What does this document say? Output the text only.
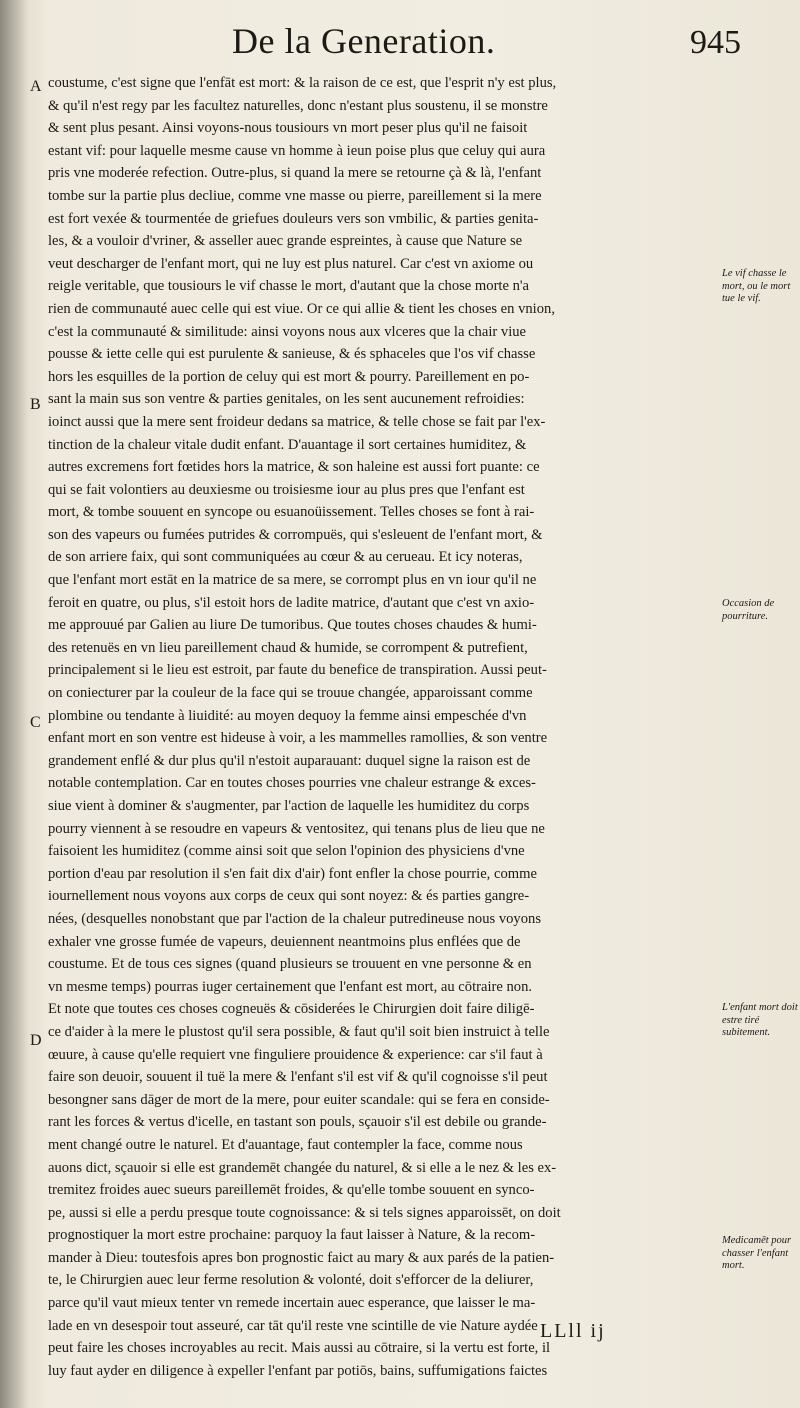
De la Generation.	945
A
B
C
D
coustume, c'est signe que l'enfāt est mort: & la raison de ce est, que l'esprit n'y est plus,
& qu'il n'est regy par les facultez naturelles, donc n'estant plus soustenu, il se monstre
& sent plus pesant. Ainsi voyons-nous tousiours vn mort peser plus qu'il ne faisoit
estant vif: pour laquelle mesme cause vn homme à ieun poise plus que celuy qui aura
pris vne moderée refection. Outre-plus, si quand la mere se retourne çà & là, l'enfant
tombe sur la partie plus decliue, comme vne masse ou pierre, pareillement si la mere
est fort vexée & tourmentée de griefues douleurs vers son vmbilic, & parties genita-
les, & a vouloir d'vriner, & asseller auec grande espreintes, à cause que Nature se
veut descharger de l'enfant mort, qui ne luy est plus naturel. Car c'est vn axiome ou
reigle veritable, que tousiours le vif chasse le mort, d'autant que la chose morte n'a
rien de communauté auec celle qui est viue. Or ce qui allie & tient les choses en vnion,
c'est la communauté & similitude: ainsi voyons nous aux vlceres que la chair viue
pousse & iette celle qui est purulente & sanieuse, & és sphaceles que l'os vif chasse
hors les esquilles de la portion de celuy qui est mort & pourry. Pareillement en po-
sant la main sus son ventre & parties genitales, on les sent aucunement refroidies:
ioinct aussi que la mere sent froideur dedans sa matrice, & telle chose se fait par l'ex-
tinction de la chaleur vitale dudit enfant. D'auantage il sort certaines humiditez, &
autres excremens fort fœtides hors la matrice, & son haleine est aussi fort puante: ce
qui se fait volontiers au deuxiesme ou troisiesme iour au plus pres que l'enfant est
mort, & tombe souuent en syncope ou esuanoüissement. Telles choses se font à rai-
son des vapeurs ou fumées putrides & corrompuës, qui s'esleuent de l'enfant mort, &
de son arriere faix, qui sont communiquées au cœur & au cerueau. Et icy noteras,
que l'enfant mort estāt en la matrice de sa mere, se corrompt plus en vn iour qu'il ne
feroit en quatre, ou plus, s'il estoit hors de ladite matrice, d'autant que c'est vn axio-
me approuué par Galien au liure De tumoribus. Que toutes choses chaudes & humi-
des retenuës en vn lieu pareillement chaud & humide, se corrompent & putrefient,
principalement si le lieu est estroit, par faute du benefice de transpiration. Aussi peut-
on coniecturer par la couleur de la face qui se trouue changée, apparoissant comme
plombine ou tendante à liuidité: au moyen dequoy la femme ainsi empeschée d'vn
enfant mort en son ventre est hideuse à voir, a les mammelles ramollies, & son ventre
grandement enflé & dur plus qu'il n'estoit auparauant: duquel signe la raison est de
notable contemplation. Car en toutes choses pourries vne chaleur estrange & exces-
siue vient à dominer & s'augmenter, par l'action de laquelle les humiditez du corps
pourry viennent à se resoudre en vapeurs & ventositez, qui tenans plus de lieu que ne
faisoient les humiditez (comme ainsi soit que selon l'opinion des physiciens d'vne
portion d'eau par resolution il s'en fait dix d'air) font enfler la chose pourrie, comme
iournellement nous voyons aux corps de ceux qui sont noyez: & és parties gangre-
nées, (desquelles nonobstant que par l'action de la chaleur putredineuse nous voyons
exhaler vne grosse fumée de vapeurs, deuiennent neantmoins plus enflées que de
coustume. Et de tous ces signes (quand plusieurs se trouuent en vne personne & en
vn mesme temps) pourras iuger certainement que l'enfant est mort, au cōtraire non.
Et note que toutes ces choses cogneuës & cōsiderées le Chirurgien doit faire diligē-
ce d'aider à la mere le plustost qu'il sera possible, & faut qu'il soit bien instruict à telle
œuure, à cause qu'elle requiert vne finguliere prouidence & experience: car s'il faut à
faire son deuoir, souuent il tuë la mere & l'enfant s'il est vif & qu'il cognoisse s'il peut
besongner sans dāger de mort de la mere, pour euiter scandale: qui se fera en conside-
rant les forces & vertus d'icelle, en tastant son pouls, sçauoir s'il est debile ou grande-
ment changé outre le naturel. Et d'auantage, faut contempler la face, comme nous
auons dict, sçauoir si elle est grandemēt changée du naturel, & si elle a le nez & les ex-
tremitez froides auec sueurs pareillemēt froides, & qu'elle tombe souuent en synco-
pe, aussi si elle a perdu presque toute cognoissance: & si tels signes apparoissēt, on doit
prognostiquer la mort estre prochaine: parquoy la faut laisser à Nature, & la recom-
mander à Dieu: toutesfois apres bon prognostic faict au mary & aux parés de la patien-
te, le Chirurgien auec leur ferme resolution & volonté, doit s'efforcer de la deliurer,
parce qu'il vaut mieux tenter vn remede incertain auec esperance, que laisser le ma-
lade en vn desespoir tout asseuré, car tāt qu'il reste vne scintille de vie Nature aydée
peut faire les choses incroyables au recit. Mais aussi au cōtraire, si la vertu est forte, il
luy faut ayder en diligence à expeller l'enfant par potiōs, bains, suffumigations faictes
Le vif chasse le mort, ou le mort tue le vif.
Occasion de pourriture.
L'enfant mort doit estre tiré subitement.
Medicamēt pour chasser l'enfant mort.
LLll ij
